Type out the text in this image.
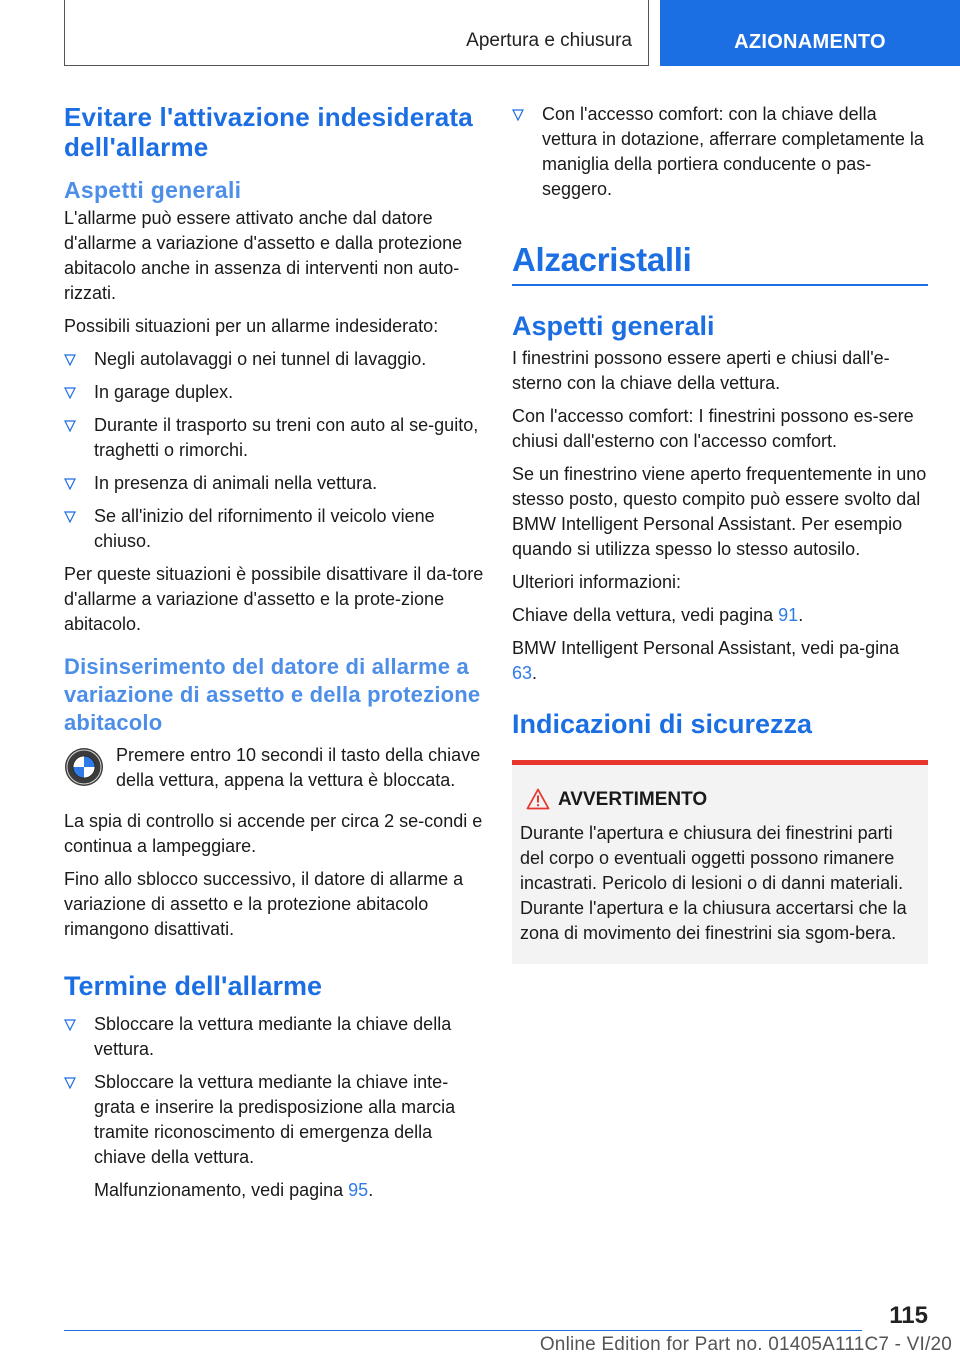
Apertura e chiusura	AZIONAMENTO
Evitare l'attivazione indesiderata dell'allarme
Aspetti generali

L'allarme può essere attivato anche dal datore d'allarme a variazione d'assetto e dalla protezione abitacolo anche in assenza di interventi non auto-rizzati.

Possibili situazioni per un allarme indesiderato:

Negli autolavaggi o nei tunnel di lavaggio.
In garage duplex.
Durante il trasporto su treni con auto al se-guito, traghetti o rimorchi.
In presenza di animali nella vettura.
Se all'inizio del rifornimento il veicolo viene chiuso.

Per queste situazioni è possibile disattivare il da-tore d'allarme a variazione d'assetto e la prote-zione abitacolo.

Disinserimento del datore di allarme a variazione di assetto e della protezione abitacolo
Premere entro 10 secondi il tasto della chiave della vettura, appena la vettura è bloccata.

La spia di controllo si accende per circa 2 se-condi e continua a lampeggiare.

Fino allo sblocco successivo, il datore di allarme a variazione di assetto e la protezione abitacolo rimangono disattivati.

Termine dell'allarme
Sbloccare la vettura mediante la chiave della vettura.
Sbloccare la vettura mediante la chiave inte-grata e inserire la predisposizione alla marcia tramite riconoscimento di emergenza della chiave della vettura.
Malfunzionamento, vedi pagina 95.
Con l'accesso comfort: con la chiave della vettura in dotazione, afferrare completamente la maniglia della portiera conducente o pas-seggero.
Alzacristalli
Aspetti generali

I finestrini possono essere aperti e chiusi dall'e-sterno con la chiave della vettura.

Con l'accesso comfort: I finestrini possono es-sere chiusi dall'esterno con l'accesso comfort.

Se un finestrino viene aperto frequentemente in uno stesso posto, questo compito può essere svolto dal BMW Intelligent Personal Assistant. Per esempio quando si utilizza spesso lo stesso autosilo.

Ulteriori informazioni:

Chiave della vettura, vedi pagina 91.

BMW Intelligent Personal Assistant, vedi pa-gina 63.

Indicazioni di sicurezza
AVVERTIMENTO

Durante l'apertura e chiusura dei finestrini parti del corpo o eventuali oggetti possono rimanere incastrati. Pericolo di lesioni o di danni materiali. Durante l'apertura e la chiusura accertarsi che la zona di movimento dei finestrini sia sgom-bera.

115
Online Edition for Part no. 01405A111C7 - VI/20
